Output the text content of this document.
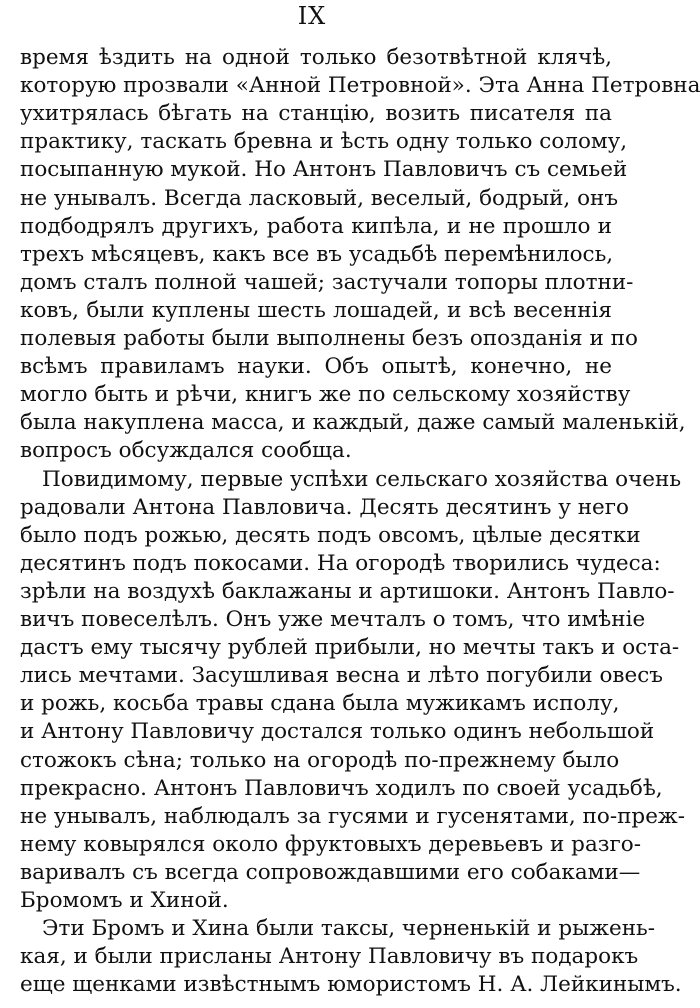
IX
время ѣздить на одной только безотвѣтной клячѣ,
которую прозвали «Анной Петровной». Эта Анна Петровна
ухитрялась бѣгать на станцію, возить писателя па
практику, таскать бревна и ѣсть одну только солому,
посыпанную мукой. Но Антонъ Павловичъ съ семьей
не унывалъ. Всегда ласковый, веселый, бодрый, онъ
подбодрялъ другихъ, работа кипѣла, и не прошло и
трехъ мѣсяцевъ, какъ все въ усадьбѣ перемѣнилось,
домъ сталъ полной чашей; застучали топоры плотни-
ковъ, были куплены шесть лошадей, и всѣ весеннія
полевыя работы были выполнены безъ опозданія и по
всѣмъ правиламъ науки. Объ опытѣ, конечно, не
могло быть и рѣчи, книгъ же по сельскому хозяйству
была накуплена масса, и каждый, даже самый маленькій,
вопросъ обсуждался сообща.
Повидимому, первые успѣхи сельскаго хозяйства очень
радовали Антона Павловича. Десять десятинъ у него
было подъ рожью, десять подъ овсомъ, цѣлые десятки
десятинъ подъ покосами. На огородѣ творились чудеса:
зрѣли на воздухѣ баклажаны и артишоки. Антонъ Павло-
вичъ повеселѣлъ. Онъ уже мечталъ о томъ, что имѣніе
дастъ ему тысячу рублей прибыли, но мечты такъ и оста-
лись мечтами. Засушливая весна и лѣто погубили овесъ
и рожь, косьба травы сдана была мужикамъ исполу,
и Антону Павловичу достался только одинъ небольшой
стожокъ сѣна; только на огородѣ по-прежнему было
прекрасно. Антонъ Павловичъ ходилъ по своей усадьбѣ,
не унывалъ, наблюдалъ за гусями и гусенятами, по-преж-
нему ковырялся около фруктовыхъ деревьевъ и разго-
варивалъ съ всегда сопровождавшими его собаками—
Бромомъ и Хиной.
Эти Бромъ и Хина были таксы, черненькій и рыжень-
кая, и были присланы Антону Павловичу въ подарокъ
еще щенками извѣстнымъ юмористомъ Н. А. Лейкинымъ.
